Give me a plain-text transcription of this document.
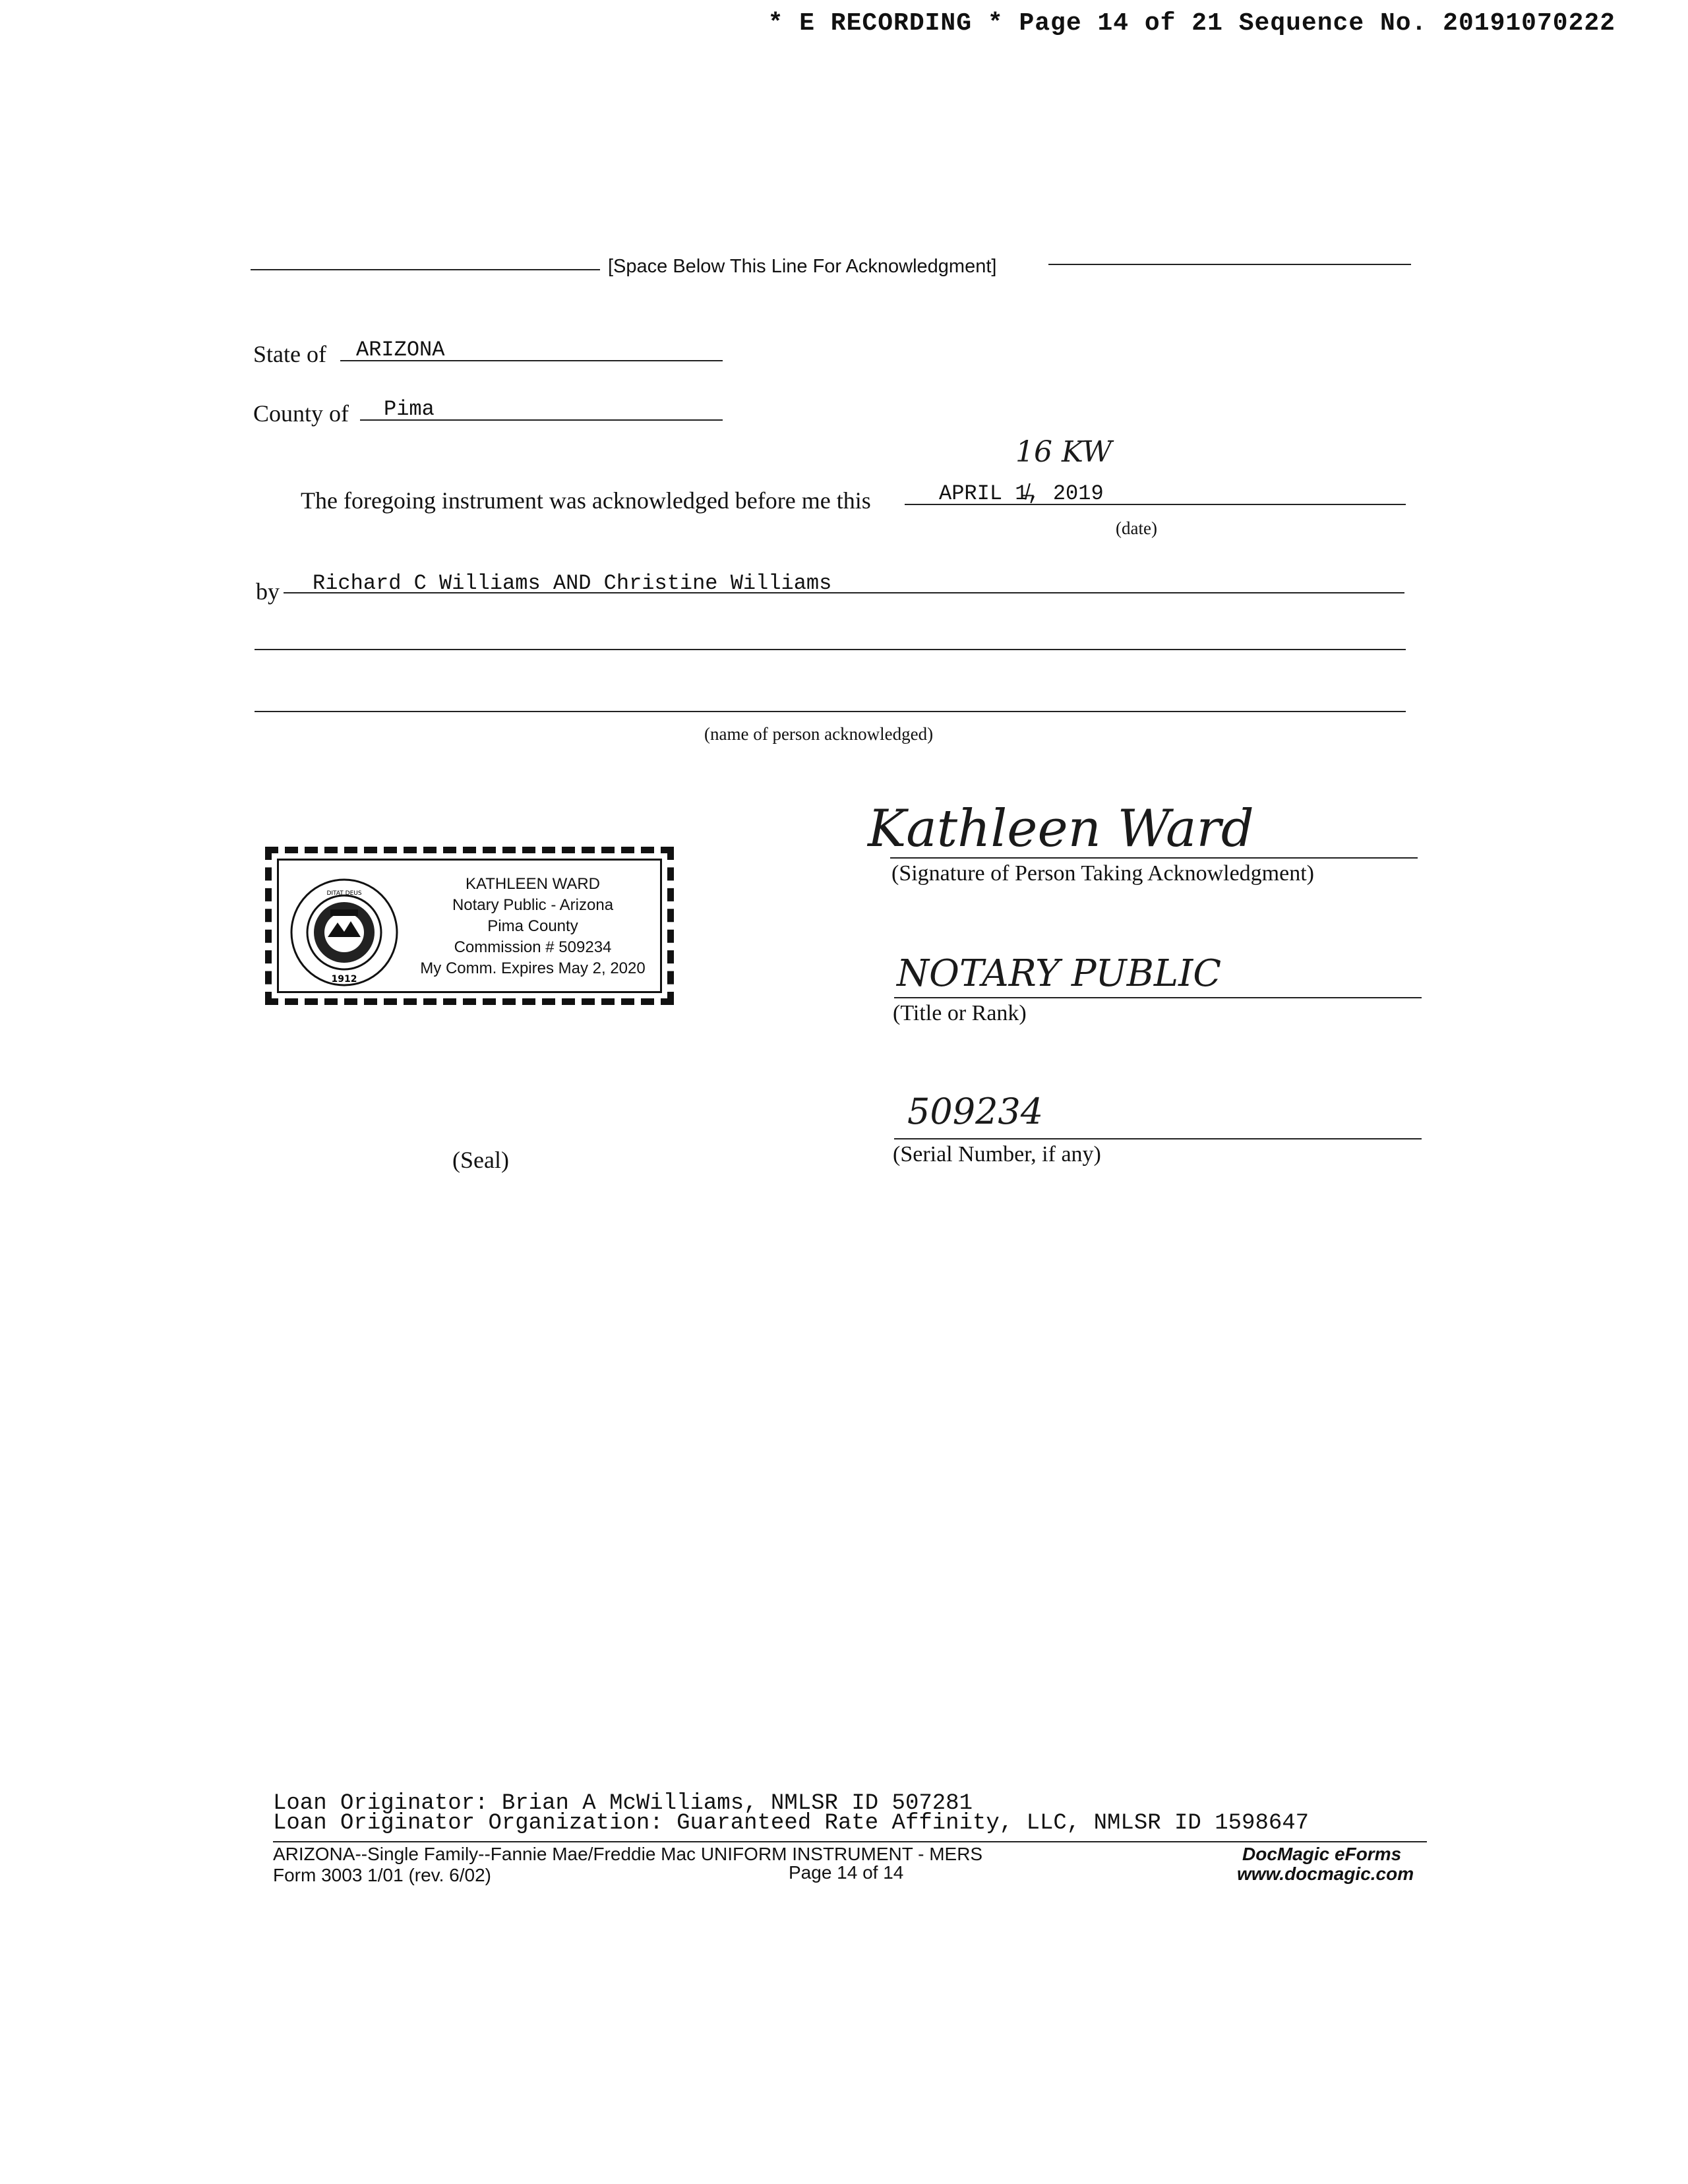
* E RECORDING * Page 14 of 21 Sequence No. 20191070222
[Space Below This Line For Acknowledgment]
State of ARIZONA
County of Pima
16 KW
The foregoing instrument was acknowledged before me this	APRIL 1̸̶, 2019
(date)
by Richard C Williams AND Christine Williams
(name of person acknowledged)
1912
DITAT DEUS
KATHLEEN WARD
Notary Public - Arizona
Pima County
Commission # 509234
My Comm. Expires May 2, 2020
(Seal)
Kathleen Ward
(Signature of Person Taking Acknowledgment)
NOTARY PUBLIC
(Title or Rank)
509234
(Serial Number, if any)
Loan Originator: Brian A McWilliams, NMLSR ID 507281
Loan Originator Organization: Guaranteed Rate Affinity, LLC, NMLSR ID 1598647
ARIZONA--Single Family--Fannie Mae/Freddie Mac UNIFORM INSTRUMENT - MERS
Form 3003 1/01 (rev. 6/02)	Page 14 of 14
DocMagic eForms
www.docmagic.com
